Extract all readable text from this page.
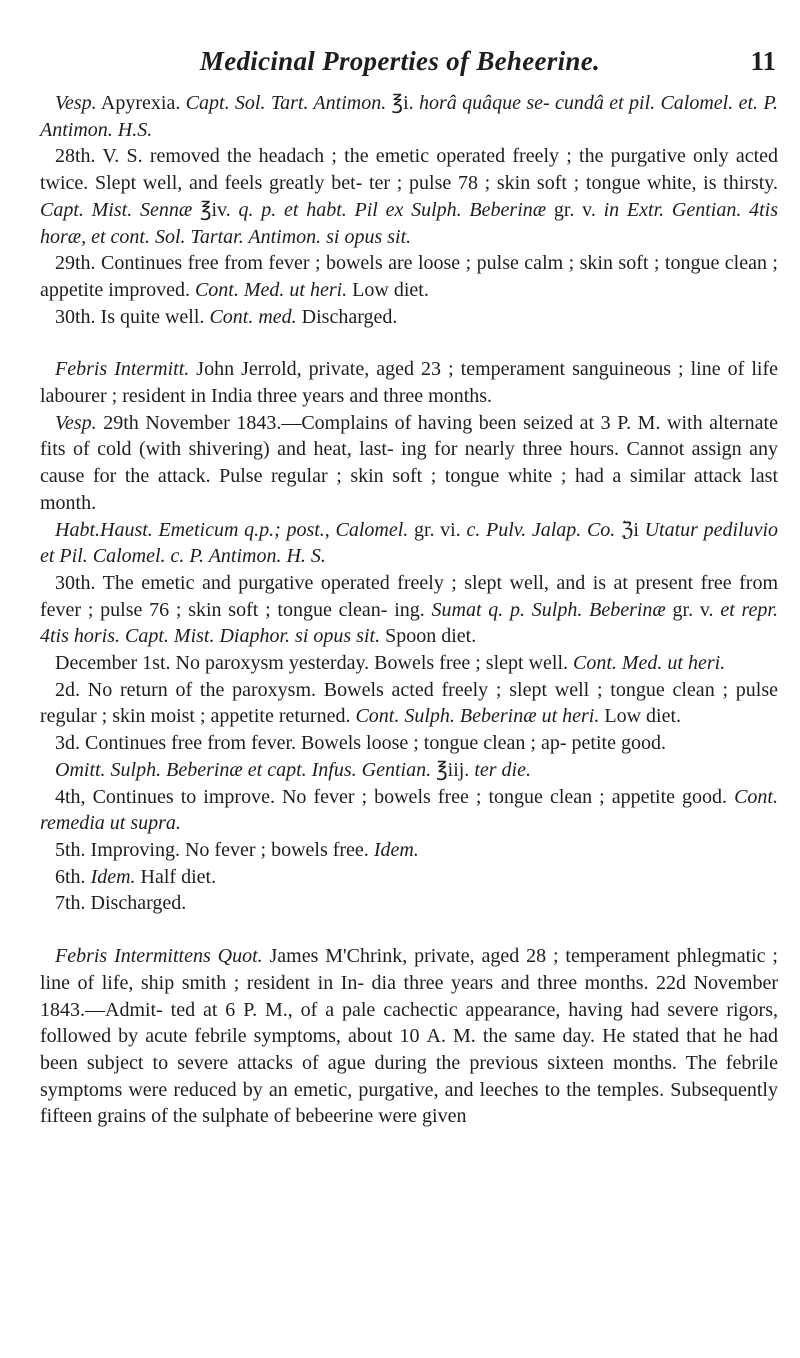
Medicinal Properties of Beheerine.	11

Vesp. Apyrexia. Capt. Sol. Tart. Antimon. ℥i. horâ quâque se- cundâ et pil. Calomel. et. P. Antimon. H.S.

28th. V. S. removed the headach ; the emetic operated freely ; the purgative only acted twice. Slept well, and feels greatly bet- ter ; pulse 78 ; skin soft ; tongue white, is thirsty. Capt. Mist. Sennæ ℥iv. q. p. et habt. Pil ex Sulph. Beberinæ gr. v. in Extr. Gentian. 4tis horæ, et cont. Sol. Tartar. Antimon. si opus sit.

29th. Continues free from fever ; bowels are loose ; pulse calm ; skin soft ; tongue clean ; appetite improved. Cont. Med. ut heri. Low diet.

30th. Is quite well. Cont. med. Discharged.

Febris Intermitt. John Jerrold, private, aged 23 ; temperament sanguineous ; line of life labourer ; resident in India three years and three months.

Vesp. 29th November 1843.—Complains of having been seized at 3 P. M. with alternate fits of cold (with shivering) and heat, last- ing for nearly three hours. Cannot assign any cause for the attack. Pulse regular ; skin soft ; tongue white ; had a similar attack last month.

Habt.Haust. Emeticum q.p.; post., Calomel. gr. vi. c. Pulv. Jalap. Co. ℨi Utatur pediluvio et Pil. Calomel. c. P. Antimon. H. S.

30th. The emetic and purgative operated freely ; slept well, and is at present free from fever ; pulse 76 ; skin soft ; tongue clean- ing. Sumat q. p. Sulph. Beberinæ gr. v. et repr. 4tis horis. Capt. Mist. Diaphor. si opus sit. Spoon diet.

December 1st. No paroxysm yesterday. Bowels free ; slept well. Cont. Med. ut heri.

2d. No return of the paroxysm. Bowels acted freely ; slept well ; tongue clean ; pulse regular ; skin moist ; appetite returned. Cont. Sulph. Beberinæ ut heri. Low diet.

3d. Continues free from fever. Bowels loose ; tongue clean ; ap- petite good.

Omitt. Sulph. Beberinæ et capt. Infus. Gentian. ℥iij. ter die.

4th, Continues to improve. No fever ; bowels free ; tongue clean ; appetite good. Cont. remedia ut supra.

5th. Improving. No fever ; bowels free. Idem.

6th. Idem. Half diet.

7th. Discharged.

Febris Intermittens Quot. James M'Chrink, private, aged 28 ; temperament phlegmatic ; line of life, ship smith ; resident in In- dia three years and three months. 22d November 1843.—Admit- ted at 6 P. M., of a pale cachectic appearance, having had severe rigors, followed by acute febrile symptoms, about 10 A. M. the same day. He stated that he had been subject to severe attacks of ague during the previous sixteen months. The febrile symptoms were reduced by an emetic, purgative, and leeches to the temples. Subsequently fifteen grains of the sulphate of bebeerine were given
